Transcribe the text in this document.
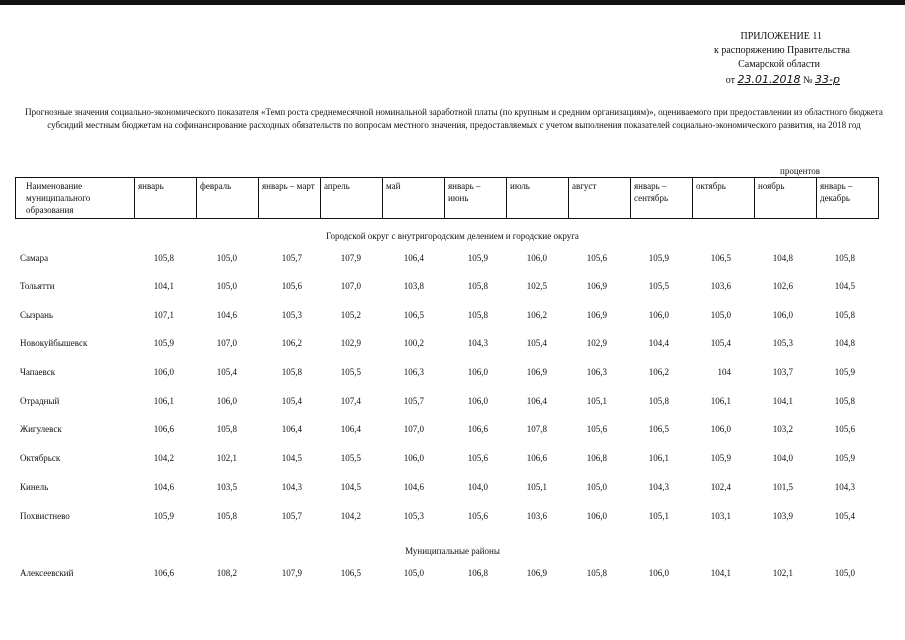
ПРИЛОЖЕНИЕ 11
к распоряжению Правительства
Самарской области
от 23.01.2018 № 33-р
Прогнозные значения социально-экономического показателя «Темп роста среднемесячной номинальной заработной платы (по крупным и средним организациям)», оцениваемого при предоставлении из областного бюджета субсидий местным бюджетам на софинансирование расходных обязательств по вопросам местного значения, предоставляемых с учетом выполнения показателей социально-экономического развития, на 2018 год
процентов
Наименование муниципального образования	январь	февраль	январь – март	апрель	май	январь – июнь	июль	август	январь – сентябрь	октябрь	ноябрь	январь – декабрь
Городской округ с внутригородским делением и городские округа
Самара	105,8	105,0	105,7	107,9	106,4	105,9	106,0	105,6	105,9	106,5	104,8	105,8
Тольятти	104,1	105,0	105,6	107,0	103,8	105,8	102,5	106,9	105,5	103,6	102,6	104,5
Сызрань	107,1	104,6	105,3	105,2	106,5	105,8	106,2	106,9	106,0	105,0	106,0	105,8
Новокуйбышевск	105,9	107,0	106,2	102,9	100,2	104,3	105,4	102,9	104,4	105,4	105,3	104,8
Чапаевск	106,0	105,4	105,8	105,5	106,3	106,0	106,9	106,3	106,2	104	103,7	105,9
Отрадный	106,1	106,0	105,4	107,4	105,7	106,0	106,4	105,1	105,8	106,1	104,1	105,8
Жигулевск	106,6	105,8	106,4	106,4	107,0	106,6	107,8	105,6	106,5	106,0	103,2	105,6
Октябрьск	104,2	102,1	104,5	105,5	106,0	105,6	106,6	106,8	106,1	105,9	104,0	105,9
Кинель	104,6	103,5	104,3	104,5	104,6	104,0	105,1	105,0	104,3	102,4	101,5	104,3
Похвистнево	105,9	105,8	105,7	104,2	105,3	105,6	103,6	106,0	105,1	103,1	103,9	105,4
Муниципальные районы
Алексеевский	106,6	108,2	107,9	106,5	105,0	106,8	106,9	105,8	106,0	104,1	102,1	105,0
